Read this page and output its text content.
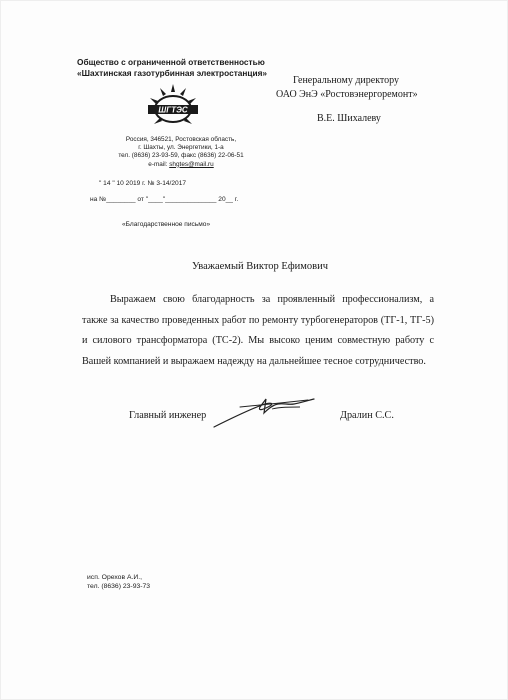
Общество с ограниченной ответственностью
«Шахтинская газотурбинная электростанция»
ШГТЭС
Россия, 346521, Ростовская область,
г. Шахты, ул. Энергетики, 1-а
тел. (8636) 23-93-59, факс (8636) 22-06-51
e-mail: shgtes@mail.ru
" 14 " 10 2019 г. № 3-14/2017
на №________ от "____"______________ 20__ г.
«Благодарственное письмо»
Генеральному директору
ОАО ЭнЭ «Ростовэнергоремонт»
В.Е. Шихалеву
Уважаемый Виктор Ефимович

Выражаем свою благодарность за проявленный профессионализм, а также за качество проведенных работ по ремонту турбогенераторов (ТГ-1, ТГ-5) и силового трансформатора (ТС-2). Мы высоко ценим совместную работу с Вашей компанией и выражаем надежду на дальнейшее тесное сотрудничество.

Главный инженер	Дралин С.С.
исп. Орехов А.И.,
тел. (8636) 23-93-73
